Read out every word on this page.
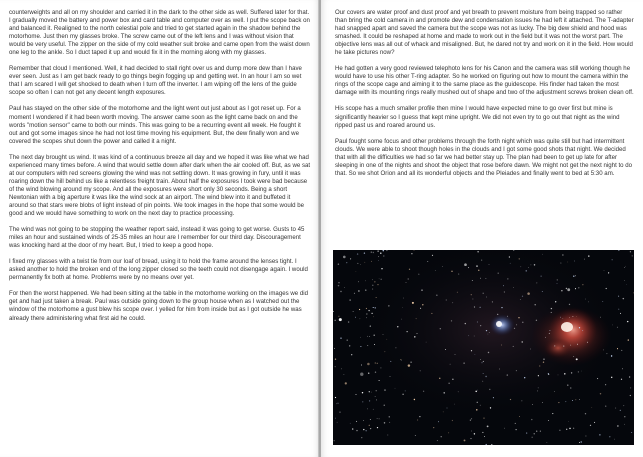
counterweights and all on my shoulder and carried it in the dark to the other side as well. Suffered later for that. I gradually moved the battery and power box and card table and computer over as well. I put the scope back on and balanced it. Realigned to the north celestial pole and tried to get started again in the shadow behind the motorhome. Just then my glasses broke. The screw came out of the left lens and I was without vision that would be very useful. The zipper on the side of my cold weather suit broke and came open from the waist down one leg to the ankle. So I duct taped it up and would fix it in the morning along with my glasses.

Remember that cloud I mentioned. Well, it had decided to stall right over us and dump more dew than I have ever seen. Just as I am get back ready to go things begin fogging up and getting wet. In an hour I am so wet that I am scared I will get shocked to death when I turn off the inverter. I am wiping off the lens of the guide scope so often I can not get any decent length exposures.

Paul has stayed on the other side of the motorhome and the light went out just about as I got reset up. For a moment I wondered if it had been worth moving. The answer came soon as the light came back on and the words "motion sensor" came to both our minds. This was going to be a recurring event all week. He fought it out and got some images since he had not lost time moving his equipment. But, the dew finally won and we covered the scopes shut down the power and called it a night.

The next day brought us wind. It was kind of a continuous breeze all day and we hoped it was like what we had experienced many times before. A wind that would settle down after dark when the air cooled off. But, as we sat at our computers with red screens glowing the wind was not settling down. It was growing in fury, until it was roaring down the hill behind us like a relentless freight train. About half the exposures I took were bad because of the wind blowing around my scope. And all the exposures were short only 30 seconds. Being a short Newtonian with a big aperture it was like the wind sock at an airport. The wind blew into it and buffeted it around so that stars were blobs of light instead of pin points. We took images in the hope that some would be good and we would have something to work on the next day to practice processing.

The wind was not going to be stopping the weather report said, instead it was going to get worse. Gusts to 45 miles an hour and sustained winds of 25-35 miles an hour are I remember for our third day. Discouragement was knocking hard at the door of my heart. But, I tried to keep a good hope.

I fixed my glasses with a twist tie from our loaf of bread, using it to hold the frame around the lenses tight. I asked another to hold the broken end of the long zipper closed so the teeth could not disengage again. I would permanently fix both at home. Problems were by no means over yet.

For then the worst happened. We had been sitting at the table in the motorhome working on the images we did get and had just taken a break. Paul was outside going down to the group house when as I watched out the window of the motorhome a gust blew his scope over. I yelled for him from inside but as I got outside he was already there administering what first aid he could.

Our covers are water proof and dust proof and yet breath to prevent moisture from being trapped so rather than bring the cold camera in and promote dew and condensation issues he had left it attached. The T-adapter had snapped apart and saved the camera but the scope was not as lucky. The big dew shield and hood was smashed. It could be reshaped at home and made to work out in the field but it was not the worst part. The objective lens was all out of whack and misaligned. But, he dared not try and work on it in the field. How would he take pictures now?

He had gotten a very good reviewed telephoto lens for his Canon and the camera was still working though he would have to use his other T-ring adapter. So he worked on figuring out how to mount the camera within the rings of the scope cage and aiming it to the same place as the guidescope. His finder had taken the most damage with its mounting rings really mushed out of shape and two of the adjustment screws broken clean off.

His scope has a much smaller profile then mine I would have expected mine to go over first but mine is significantly heavier so I guess that kept mine upright. We did not even try to go out that night as the wind ripped past us and roared around us.

Paul fought some focus and other problems through the forth night which was quite still but had intermittent clouds. We were able to shoot though holes in the clouds and I got some good shots that night. We decided that with all the difficulties we had so far we had better stay up. The plan had been to get up late for after sleeping in one of the nights and shoot the object that rose before dawn. We might not get the next night to do that. So we shot Orion and all its wonderful objects and the Pleiades and finally went to bed at 5:30 am.
